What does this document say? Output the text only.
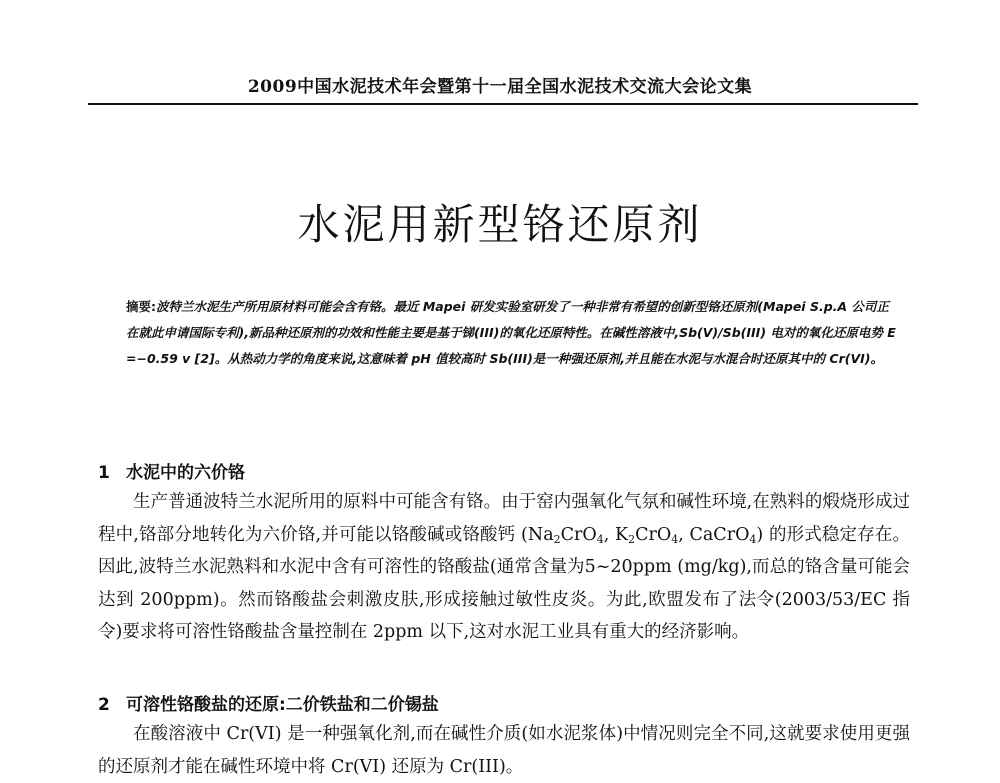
2009中国水泥技术年会暨第十一届全国水泥技术交流大会论文集
水泥用新型铬还原剂
摘要:波特兰水泥生产所用原材料可能会含有铬。最近 Mapei 研发实验室研发了一种非常有希望的创新型铬还原剂(Mapei S.p.A 公司正在就此申请国际专利),新品种还原剂的功效和性能主要是基于锑(III)的氧化还原特性。在碱性溶液中,Sb(V)/Sb(III) 电对的氧化还原电势 E =−0.59 v [2]。从热动力学的角度来说,这意味着 pH 值较高时 Sb(III)是一种强还原剂,并且能在水泥与水混合时还原其中的 Cr(VI)。
1 水泥中的六价铬
生产普通波特兰水泥所用的原料中可能含有铬。由于窑内强氧化气氛和碱性环境,在熟料的煅烧形成过程中,铬部分地转化为六价铬,并可能以铬酸碱或铬酸钙 ($Na_2CrO_4$, $K_2CrO_4$, CaCrO$_4$) 的形式稳定存在。因此,波特兰水泥熟料和水泥中含有可溶性的铬酸盐(通常含量为5~20ppm (mg/kg),而总的铬含量可能会达到 200ppm)。然而铬酸盐会刺激皮肤,形成接触过敏性皮炎。为此,欧盟发布了法令(2003/53/EC 指令)要求将可溶性铬酸盐含量控制在 2ppm 以下,这对水泥工业具有重大的经济影响。
2 可溶性铬酸盐的还原:二价铁盐和二价锡盐
在酸溶液中 Cr(VI) 是一种强氧化剂,而在碱性介质(如水泥浆体)中情况则完全不同,这就要求使用更强的还原剂才能在碱性环境中将 Cr(VI) 还原为 Cr(III)。
